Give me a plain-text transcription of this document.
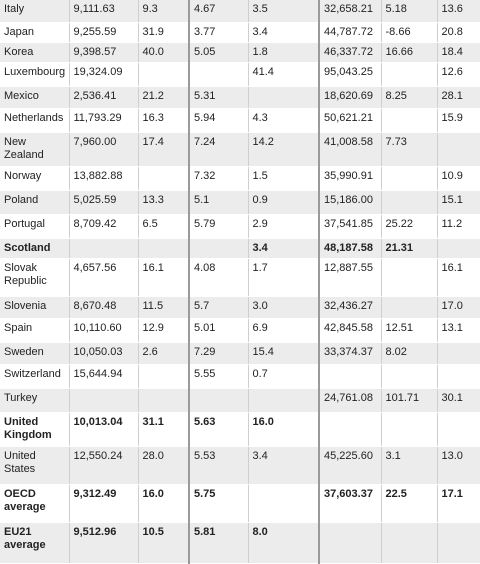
Italy	9,111.63	9.3	4.67	3.5	32,658.21	5.18	13.6
Japan	9,255.59	31.9	3.77	3.4	44,787.72	-8.66	20.8
Korea	9,398.57	40.0	5.05	1.8	46,337.72	16.66	18.4
Luxembourg	19,324.09			41.4	95,043.25		12.6
Mexico	2,536.41	21.2	5.31		18,620.69	8.25	28.1
Netherlands	11,793.29	16.3	5.94	4.3	50,621.21		15.9
New Zealand	7,960.00	17.4	7.24	14.2	41,008.58	7.73	
Norway	13,882.88		7.32	1.5	35,990.91		10.9
Poland	5,025.59	13.3	5.1	0.9	15,186.00		15.1
Portugal	8,709.42	6.5	5.79	2.9	37,541.85	25.22	11.2
Scotland				3.4	48,187.58	21.31	
Slovak Republic	4,657.56	16.1	4.08	1.7	12,887.55		16.1
Slovenia	8,670.48	11.5	5.7	3.0	32,436.27		17.0
Spain	10,110.60	12.9	5.01	6.9	42,845.58	12.51	13.1
Sweden	10,050.03	2.6	7.29	15.4	33,374.37	8.02	
Switzerland	15,644.94		5.55	0.7			
Turkey					24,761.08	101.71	30.1
United Kingdom	10,013.04	31.1	5.63	16.0			
United States	12,550.24	28.0	5.53	3.4	45,225.60	3.1	13.0
OECD average	9,312.49	16.0	5.75		37,603.37	22.5	17.1
EU21 average	9,512.96	10.5	5.81	8.0			
